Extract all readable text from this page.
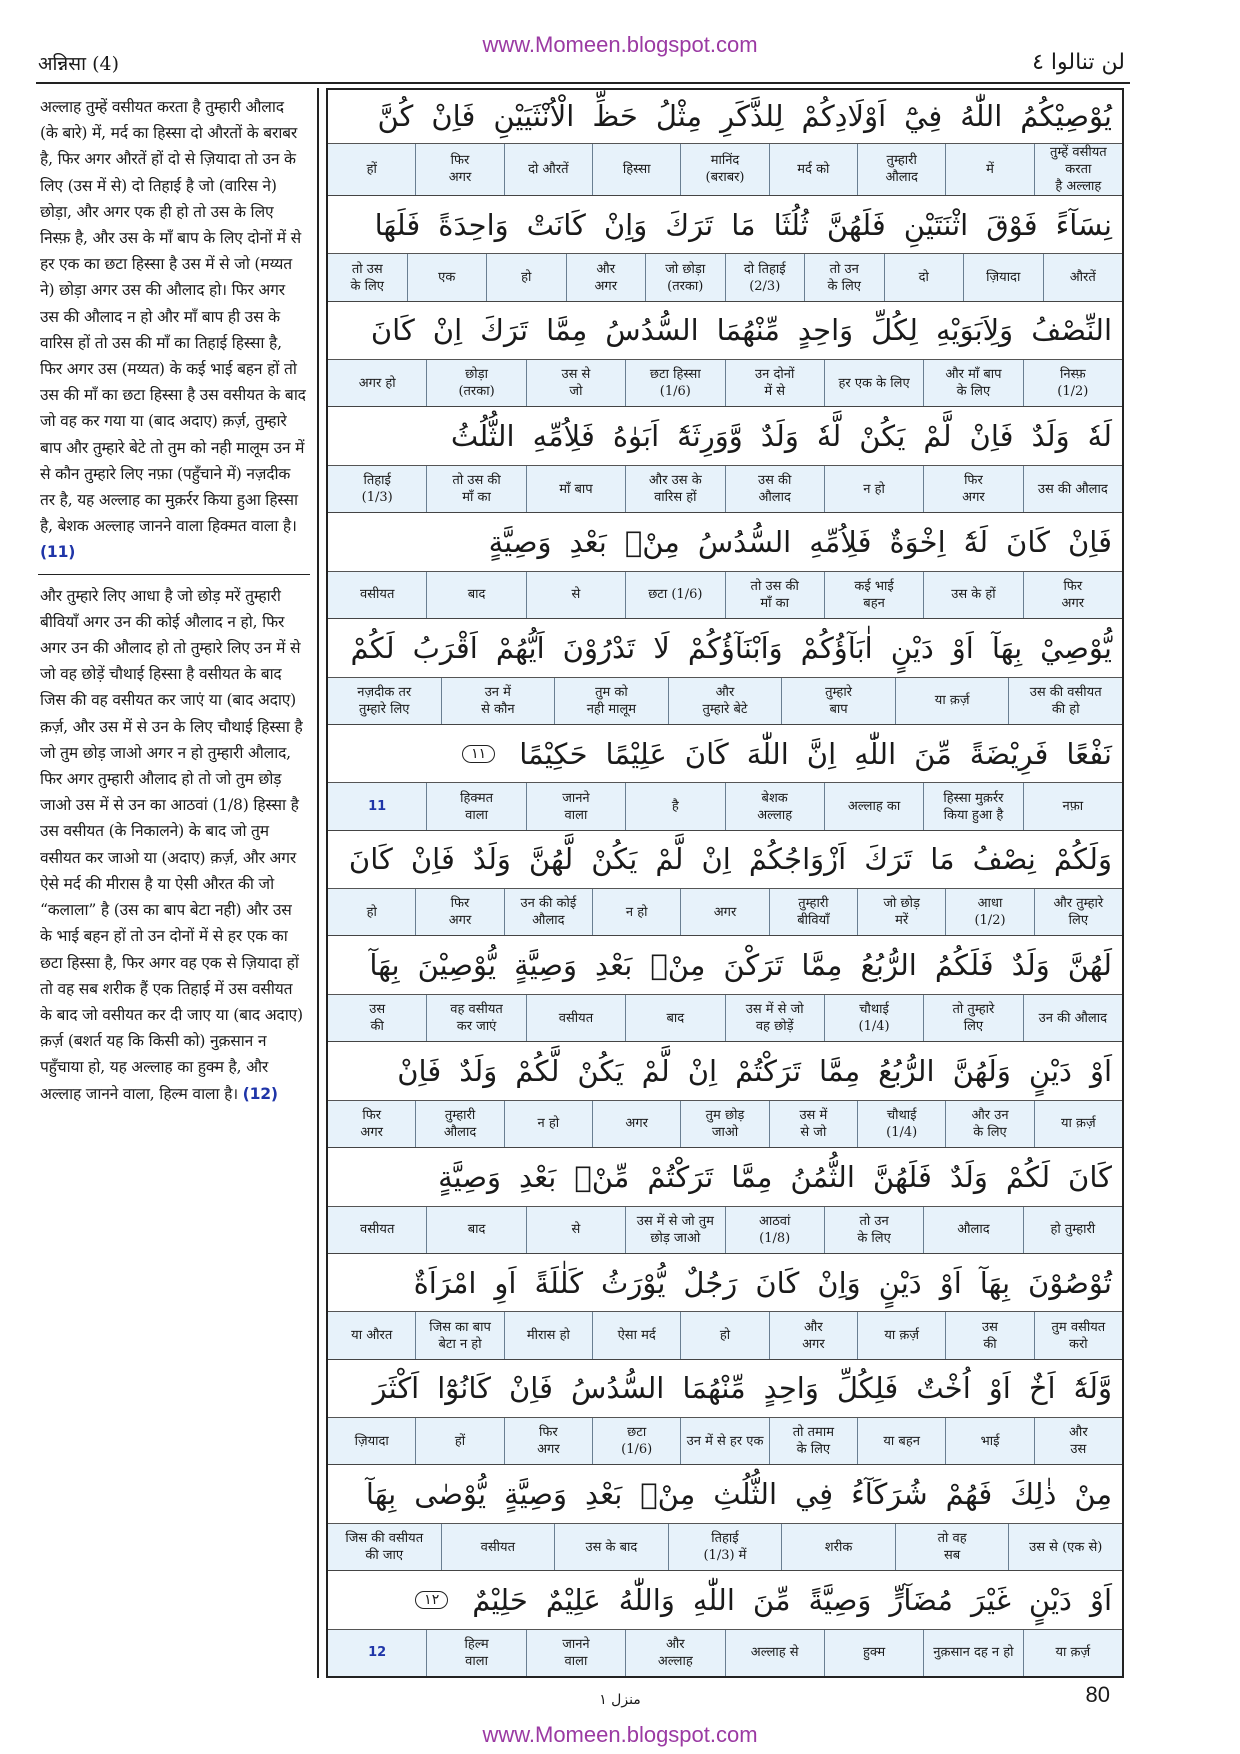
www.Momeen.blogspot.com
अन्निसा (4)	لن تنالوا ٤

अल्लाह तुम्हें वसीयत करता है तुम्हारी औलाद (के बारे) में, मर्द का हिस्सा दो औरतों के बराबर है, फिर अगर औरतें हों दो से ज़ियादा तो उन के लिए (उस में से) दो तिहाई है जो (वारिस ने) छोड़ा, और अगर एक ही हो तो उस के लिए निस्फ़ है, और उस के माँ बाप के लिए दोनों में से हर एक का छटा हिस्सा है उस में से जो (मय्यत ने) छोड़ा अगर उस की औलाद हो। फिर अगर उस की औलाद न हो और माँ बाप ही उस के वारिस हों तो उस की माँ का तिहाई हिस्सा है, फिर अगर उस (मय्यत) के कई भाई बहन हों तो उस की माँ का छटा हिस्सा है उस वसीयत के बाद जो वह कर गया या (बाद अदाए) क़र्ज़, तुम्हारे बाप और तुम्हारे बेटे तो तुम को नही मालूम उन में से कौन तुम्हारे लिए नफ़ा (पहुँचाने में) नज़दीक तर है, यह अल्लाह का मुक़र्रर किया हुआ हिस्सा है, बेशक अल्लाह जानने वाला हिक्मत वाला है। (11)

और तुम्हारे लिए आधा है जो छोड़ मरें तुम्हारी बीवियाँ अगर उन की कोई औलाद न हो, फिर अगर उन की औलाद हो तो तुम्हारे लिए उन में से जो वह छोड़ें चौथाई हिस्सा है वसीयत के बाद जिस की वह वसीयत कर जाएं या (बाद अदाए) क़र्ज़, और उस में से उन के लिए चौथाई हिस्सा है जो तुम छोड़ जाओ अगर न हो तुम्हारी औलाद, फिर अगर तुम्हारी औलाद हो तो जो तुम छोड़ जाओ उस में से उन का आठवां (1/8) हिस्सा है उस वसीयत (के निकालने) के बाद जो तुम वसीयत कर जाओ या (अदाए) क़र्ज़, और अगर ऐसे मर्द की मीरास है या ऐसी औरत की जो “कलाला” है (उस का बाप बेटा नही) और उस के भाई बहन हों तो उन दोनों में से हर एक का छटा हिस्सा है, फिर अगर वह एक से ज़ियादा हों तो वह सब शरीक हैं एक तिहाई में उस वसीयत के बाद जो वसीयत कर दी जाए या (बाद अदाए) क़र्ज़ (बशर्त यह कि किसी को) नुक़सान न पहुँचाया हो, यह अल्लाह का हुक्म है, और अल्लाह जानने वाला, हिल्म वाला है। (12)

يُوْصِيْكُمُ
اللّٰهُ
فِيْٓ
اَوْلَادِكُمْ
لِلذَّكَرِ
مِثْلُ
حَظِّ
الْاُنْثَيَيْنِ
فَاِنْ
كُنَّ
तुम्हें वसीयत करता
है अल्लाह
में
तुम्हारी
औलाद
मर्द को
मानिंद
(बराबर)
हिस्सा
दो औरतें
फिर
अगर
हों
نِسَآءً
فَوْقَ
اثْنَتَيْنِ
فَلَهُنَّ
ثُلُثَا
مَا
تَرَكَ
وَاِنْ
كَانَتْ
وَاحِدَةً
فَلَهَا
औरतें
ज़ियादा
दो
तो उन
के लिए
दो तिहाई
(2/3)
जो छोड़ा
(तरका)
और
अगर
हो
एक
तो उस
के लिए
النِّصْفُ
وَلِاَبَوَيْهِ
لِكُلِّ
وَاحِدٍ
مِّنْهُمَا
السُّدُسُ
مِمَّا
تَرَكَ
اِنْ
كَانَ
निस्फ़
(1/2)
और माँ बाप
के लिए
हर एक के लिए
उन दोनों
में से
छटा हिस्सा
(1/6)
उस से
जो
छोड़ा
(तरका)
अगर हो
لَهٗ
وَلَدٌ
فَاِنْ
لَّمْ
يَكُنْ
لَّهٗ
وَلَدٌ
وَّوَرِثَهٗٓ
اَبَوٰهُ
فَلِاُمِّهِ
الثُّلُثُ
उस की औलाद
फिर
अगर
न हो
उस की
औलाद
और उस के
वारिस हों
माँ बाप
तो उस की
माँ का
तिहाई
(1/3)
فَاِنْ
كَانَ
لَهٗٓ
اِخْوَةٌ
فَلِاُمِّهِ
السُّدُسُ
مِنْۢ
بَعْدِ
وَصِيَّةٍ
फिर
अगर
उस के हों
कई भाई
बहन
तो उस की
माँ का
छटा (1/6)
से
बाद
वसीयत
يُّوْصِيْ
بِهَآ
اَوْ
دَيْنٍ
اٰبَآؤُكُمْ
وَاَبْنَآؤُكُمْ
لَا
تَدْرُوْنَ
اَيُّهُمْ
اَقْرَبُ
لَكُمْ
उस की वसीयत
की हो
या क़र्ज़
तुम्हारे
बाप
और
तुम्हारे बेटे
तुम को
नही मालूम
उन में
से कौन
नज़दीक तर
तुम्हारे लिए
نَفْعًا
فَرِيْضَةً
مِّنَ
اللّٰهِ
اِنَّ
اللّٰهَ
كَانَ
عَلِيْمًا
حَكِيْمًا
١١
नफ़ा
हिस्सा मुक़र्रर
किया हुआ है
अल्लाह का
बेशक
अल्लाह
है
जानने
वाला
हिक्मत
वाला
11
وَلَكُمْ
نِصْفُ
مَا
تَرَكَ
اَزْوَاجُكُمْ
اِنْ
لَّمْ
يَكُنْ
لَّهُنَّ
وَلَدٌ
فَاِنْ
كَانَ
और तुम्हारे
लिए
आधा
(1/2)
जो छोड़
मरें
तुम्हारी
बीवियाँ
अगर
न हो
उन की कोई
औलाद
फिर
अगर
हो
لَهُنَّ
وَلَدٌ
فَلَكُمُ
الرُّبُعُ
مِمَّا
تَرَكْنَ
مِنْۢ
بَعْدِ
وَصِيَّةٍ
يُّوْصِيْنَ
بِهَآ
उन की औलाद
तो तुम्हारे
लिए
चौथाई
(1/4)
उस में से जो
वह छोड़ें
बाद
वसीयत
वह वसीयत
कर जाएं
उस
की
اَوْ
دَيْنٍ
وَلَهُنَّ
الرُّبُعُ
مِمَّا
تَرَكْتُمْ
اِنْ
لَّمْ
يَكُنْ
لَّكُمْ
وَلَدٌ
فَاِنْ
या क़र्ज़
और उन
के लिए
चौथाई
(1/4)
उस में
से जो
तुम छोड़
जाओ
अगर
न हो
तुम्हारी
औलाद
फिर
अगर
كَانَ
لَكُمْ
وَلَدٌ
فَلَهُنَّ
الثُّمُنُ
مِمَّا
تَرَكْتُمْ
مِّنْۢ
بَعْدِ
وَصِيَّةٍ
हो तुम्हारी
औलाद
तो उन
के लिए
आठवां
(1/8)
उस में से जो तुम
छोड़ जाओ
से
बाद
वसीयत
تُوْصُوْنَ
بِهَآ
اَوْ
دَيْنٍ
وَاِنْ
كَانَ
رَجُلٌ
يُّوْرَثُ
كَلٰلَةً
اَوِ
امْرَاَةٌ
तुम वसीयत
करो
उस
की
या क़र्ज़
और
अगर
हो
ऐसा मर्द
मीरास हो
जिस का बाप
बेटा न हो
या औरत
وَّلَهٗٓ
اَخٌ
اَوْ
اُخْتٌ
فَلِكُلِّ
وَاحِدٍ
مِّنْهُمَا
السُّدُسُ
فَاِنْ
كَانُوْٓا
اَكْثَرَ
और
उस
भाई
या बहन
तो तमाम
के लिए
उन में से हर एक
छटा
(1/6)
फिर
अगर
हों
ज़ियादा
مِنْ
ذٰلِكَ
فَهُمْ
شُرَكَآءُ
فِي
الثُّلُثِ
مِنْۢ
بَعْدِ
وَصِيَّةٍ
يُّوْصٰى
بِهَآ
उस से (एक से)
तो वह
सब
शरीक
तिहाई
(1/3) में
उस के बाद
वसीयत
जिस की वसीयत
की जाए
اَوْ
دَيْنٍ
غَيْرَ
مُضَآرٍّ
وَصِيَّةً
مِّنَ
اللّٰهِ
وَاللّٰهُ
عَلِيْمٌ
حَلِيْمٌ
١٢
या क़र्ज़
नुक़सान दह न हो
हुक्म
अल्लाह से
और
अल्लाह
जानने
वाला
हिल्म
वाला
12
منزل ١	80
www.Momeen.blogspot.com
